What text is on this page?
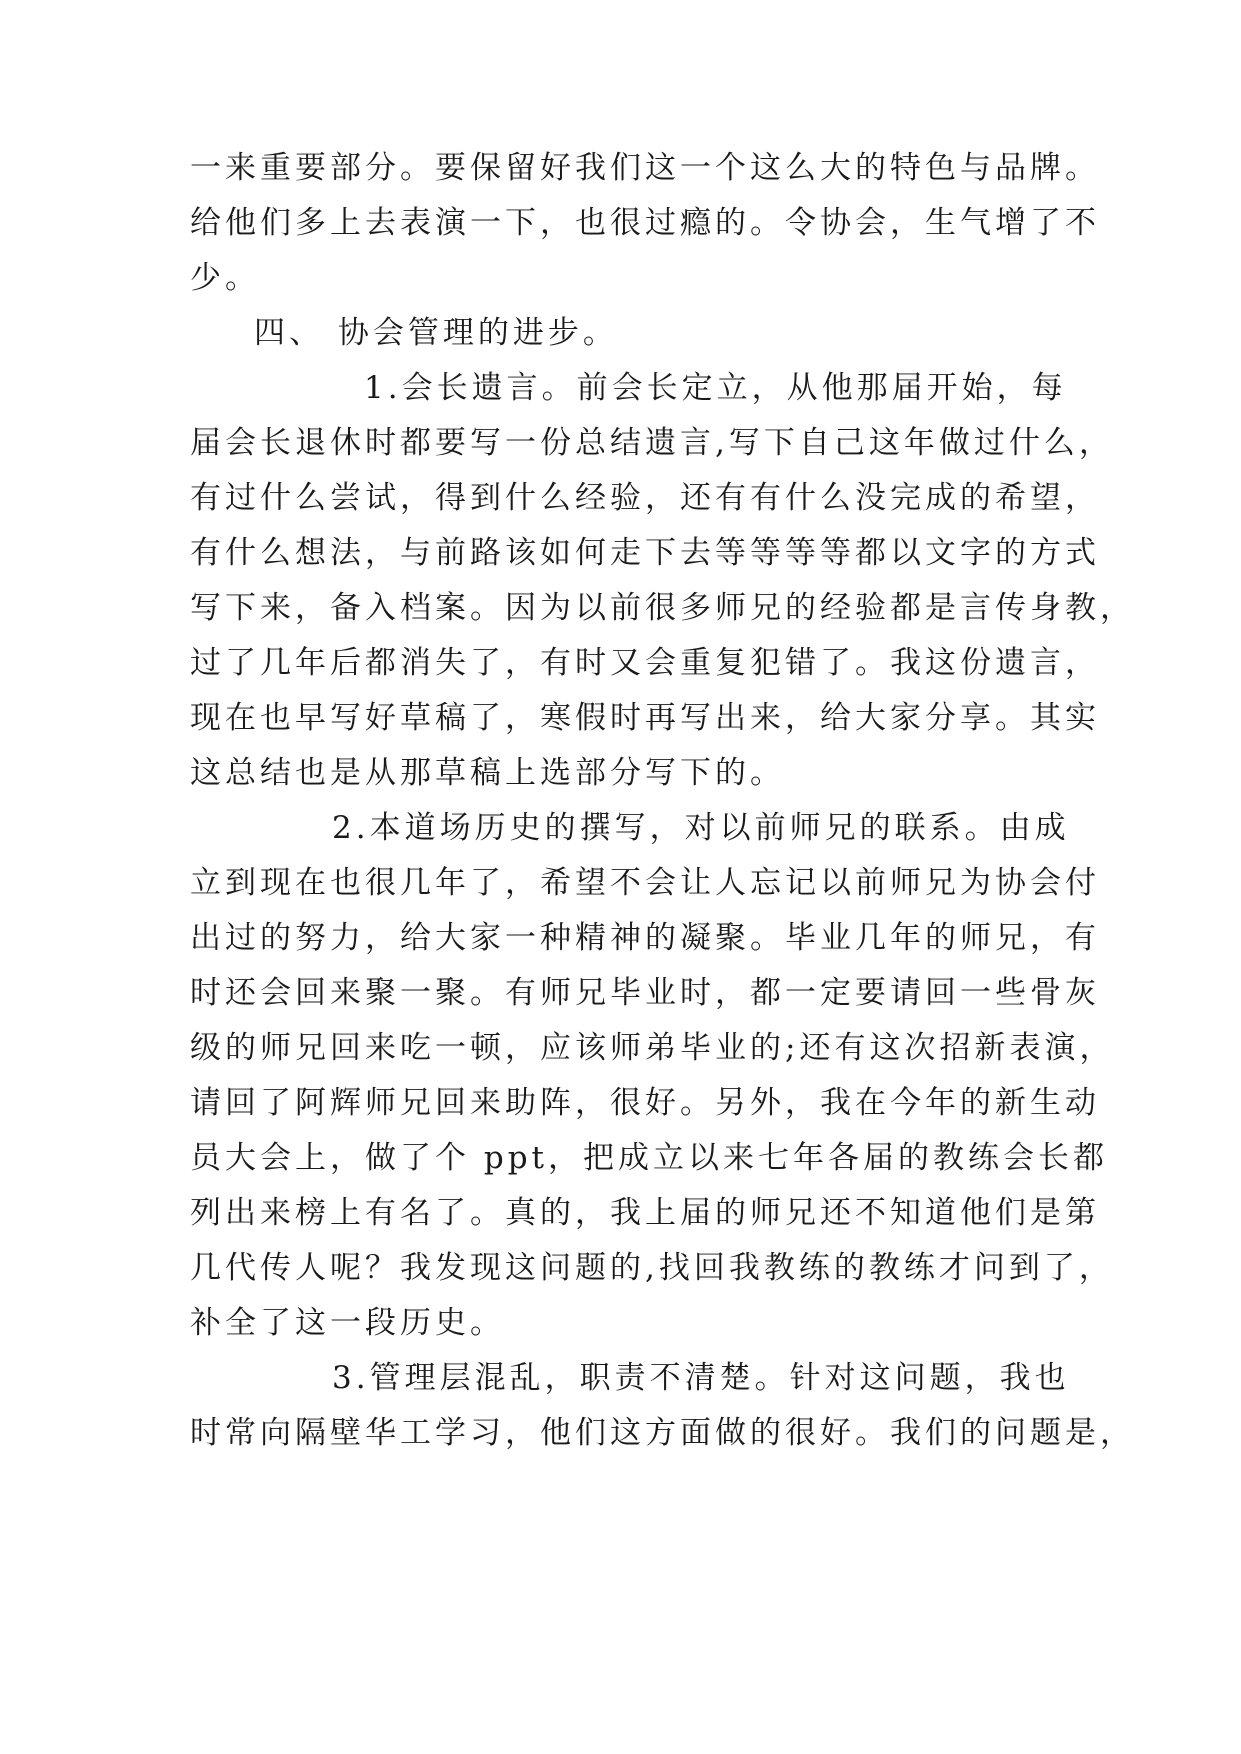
一来重要部分。要保留好我们这一个这么大的特色与品牌。
给他们多上去表演一下，也很过瘾的。令协会，生气增了不
少。
四、 协会管理的进步。
1.会长遗言。前会长定立，从他那届开始，每
届会长退休时都要写一份总结遗言,写下自己这年做过什么，
有过什么尝试，得到什么经验，还有有什么没完成的希望，
有什么想法，与前路该如何走下去等等等等都以文字的方式
写下来，备入档案。因为以前很多师兄的经验都是言传身教，
过了几年后都消失了，有时又会重复犯错了。我这份遗言，
现在也早写好草稿了，寒假时再写出来，给大家分享。其实
这总结也是从那草稿上选部分写下的。
2.本道场历史的撰写，对以前师兄的联系。由成
立到现在也很几年了，希望不会让人忘记以前师兄为协会付
出过的努力，给大家一种精神的凝聚。毕业几年的师兄，有
时还会回来聚一聚。有师兄毕业时，都一定要请回一些骨灰
级的师兄回来吃一顿，应该师弟毕业的;还有这次招新表演，
请回了阿辉师兄回来助阵，很好。另外，我在今年的新生动
员大会上，做了个 ppt，把成立以来七年各届的教练会长都
列出来榜上有名了。真的，我上届的师兄还不知道他们是第
几代传人呢？我发现这问题的,找回我教练的教练才问到了，
补全了这一段历史。
3.管理层混乱，职责不清楚。针对这问题，我也
时常向隔壁华工学习，他们这方面做的很好。我们的问题是，
